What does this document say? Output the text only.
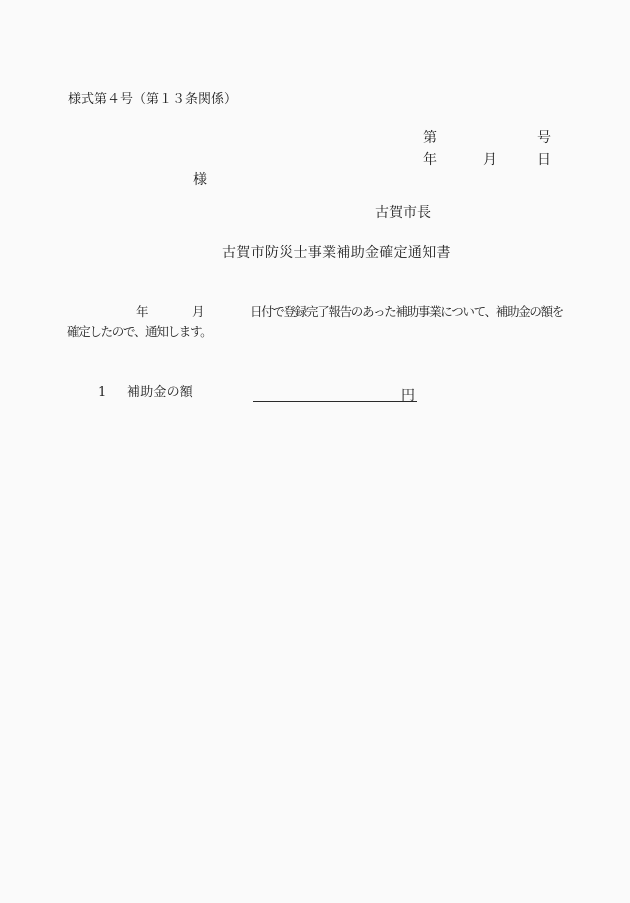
様式第４号（第１３条関係）
第	号
年	月	日
様
古賀市長
古賀市防災士事業補助金確定通知書
年	月	日付で登録完了報告のあった補助事業について、補助金の額を
確定したので、通知します。
1 補助金の額	円
